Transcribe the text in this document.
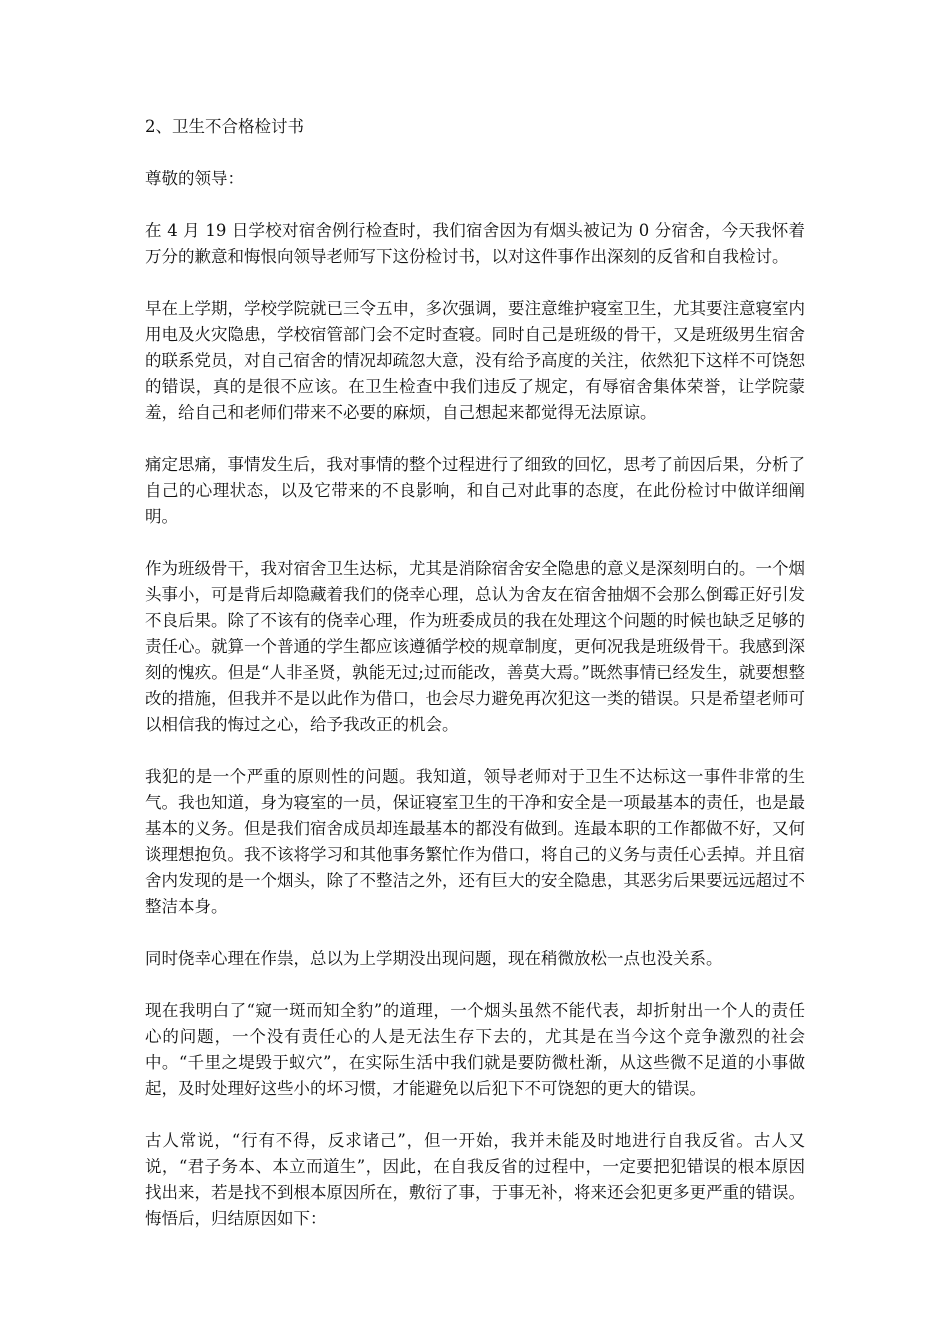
2、卫生不合格检讨书
尊敬的领导：
在 4 月 19 日学校对宿舍例行检查时，我们宿舍因为有烟头被记为 0 分宿舍，今天我怀着万分的歉意和悔恨向领导老师写下这份检讨书，以对这件事作出深刻的反省和自我检讨。
早在上学期，学校学院就已三令五申，多次强调，要注意维护寝室卫生，尤其要注意寝室内用电及火灾隐患，学校宿管部门会不定时查寝。同时自己是班级的骨干，又是班级男生宿舍的联系党员，对自己宿舍的情况却疏忽大意，没有给予高度的关注，依然犯下这样不可饶恕的错误，真的是很不应该。在卫生检查中我们违反了规定，有辱宿舍集体荣誉，让学院蒙羞，给自己和老师们带来不必要的麻烦，自己想起来都觉得无法原谅。
痛定思痛，事情发生后，我对事情的整个过程进行了细致的回忆，思考了前因后果，分析了自己的心理状态，以及它带来的不良影响，和自己对此事的态度，在此份检讨中做详细阐明。
作为班级骨干，我对宿舍卫生达标，尤其是消除宿舍安全隐患的意义是深刻明白的。一个烟头事小，可是背后却隐藏着我们的侥幸心理，总认为舍友在宿舍抽烟不会那么倒霉正好引发不良后果。除了不该有的侥幸心理，作为班委成员的我在处理这个问题的时候也缺乏足够的责任心。就算一个普通的学生都应该遵循学校的规章制度，更何况我是班级骨干。我感到深刻的愧疚。但是“人非圣贤，孰能无过;过而能改，善莫大焉。”既然事情已经发生，就要想整改的措施，但我并不是以此作为借口，也会尽力避免再次犯这一类的错误。只是希望老师可以相信我的悔过之心，给予我改正的机会。
我犯的是一个严重的原则性的问题。我知道，领导老师对于卫生不达标这一事件非常的生气。我也知道，身为寝室的一员，保证寝室卫生的干净和安全是一项最基本的责任，也是最基本的义务。但是我们宿舍成员却连最基本的都没有做到。连最本职的工作都做不好，又何谈理想抱负。我不该将学习和其他事务繁忙作为借口，将自己的义务与责任心丢掉。并且宿舍内发现的是一个烟头，除了不整洁之外，还有巨大的安全隐患，其恶劣后果要远远超过不整洁本身。
同时侥幸心理在作祟，总以为上学期没出现问题，现在稍微放松一点也没关系。
现在我明白了“窥一斑而知全豹”的道理，一个烟头虽然不能代表，却折射出一个人的责任心的问题，一个没有责任心的人是无法生存下去的，尤其是在当今这个竞争激烈的社会中。“千里之堤毁于蚁穴”，在实际生活中我们就是要防微杜渐，从这些微不足道的小事做起，及时处理好这些小的坏习惯，才能避免以后犯下不可饶恕的更大的错误。
古人常说，“行有不得，反求诸己”，但一开始，我并未能及时地进行自我反省。古人又说，“君子务本、本立而道生”，因此，在自我反省的过程中，一定要把犯错误的根本原因找出来，若是找不到根本原因所在，敷衍了事，于事无补，将来还会犯更多更严重的错误。悔悟后，归结原因如下：
